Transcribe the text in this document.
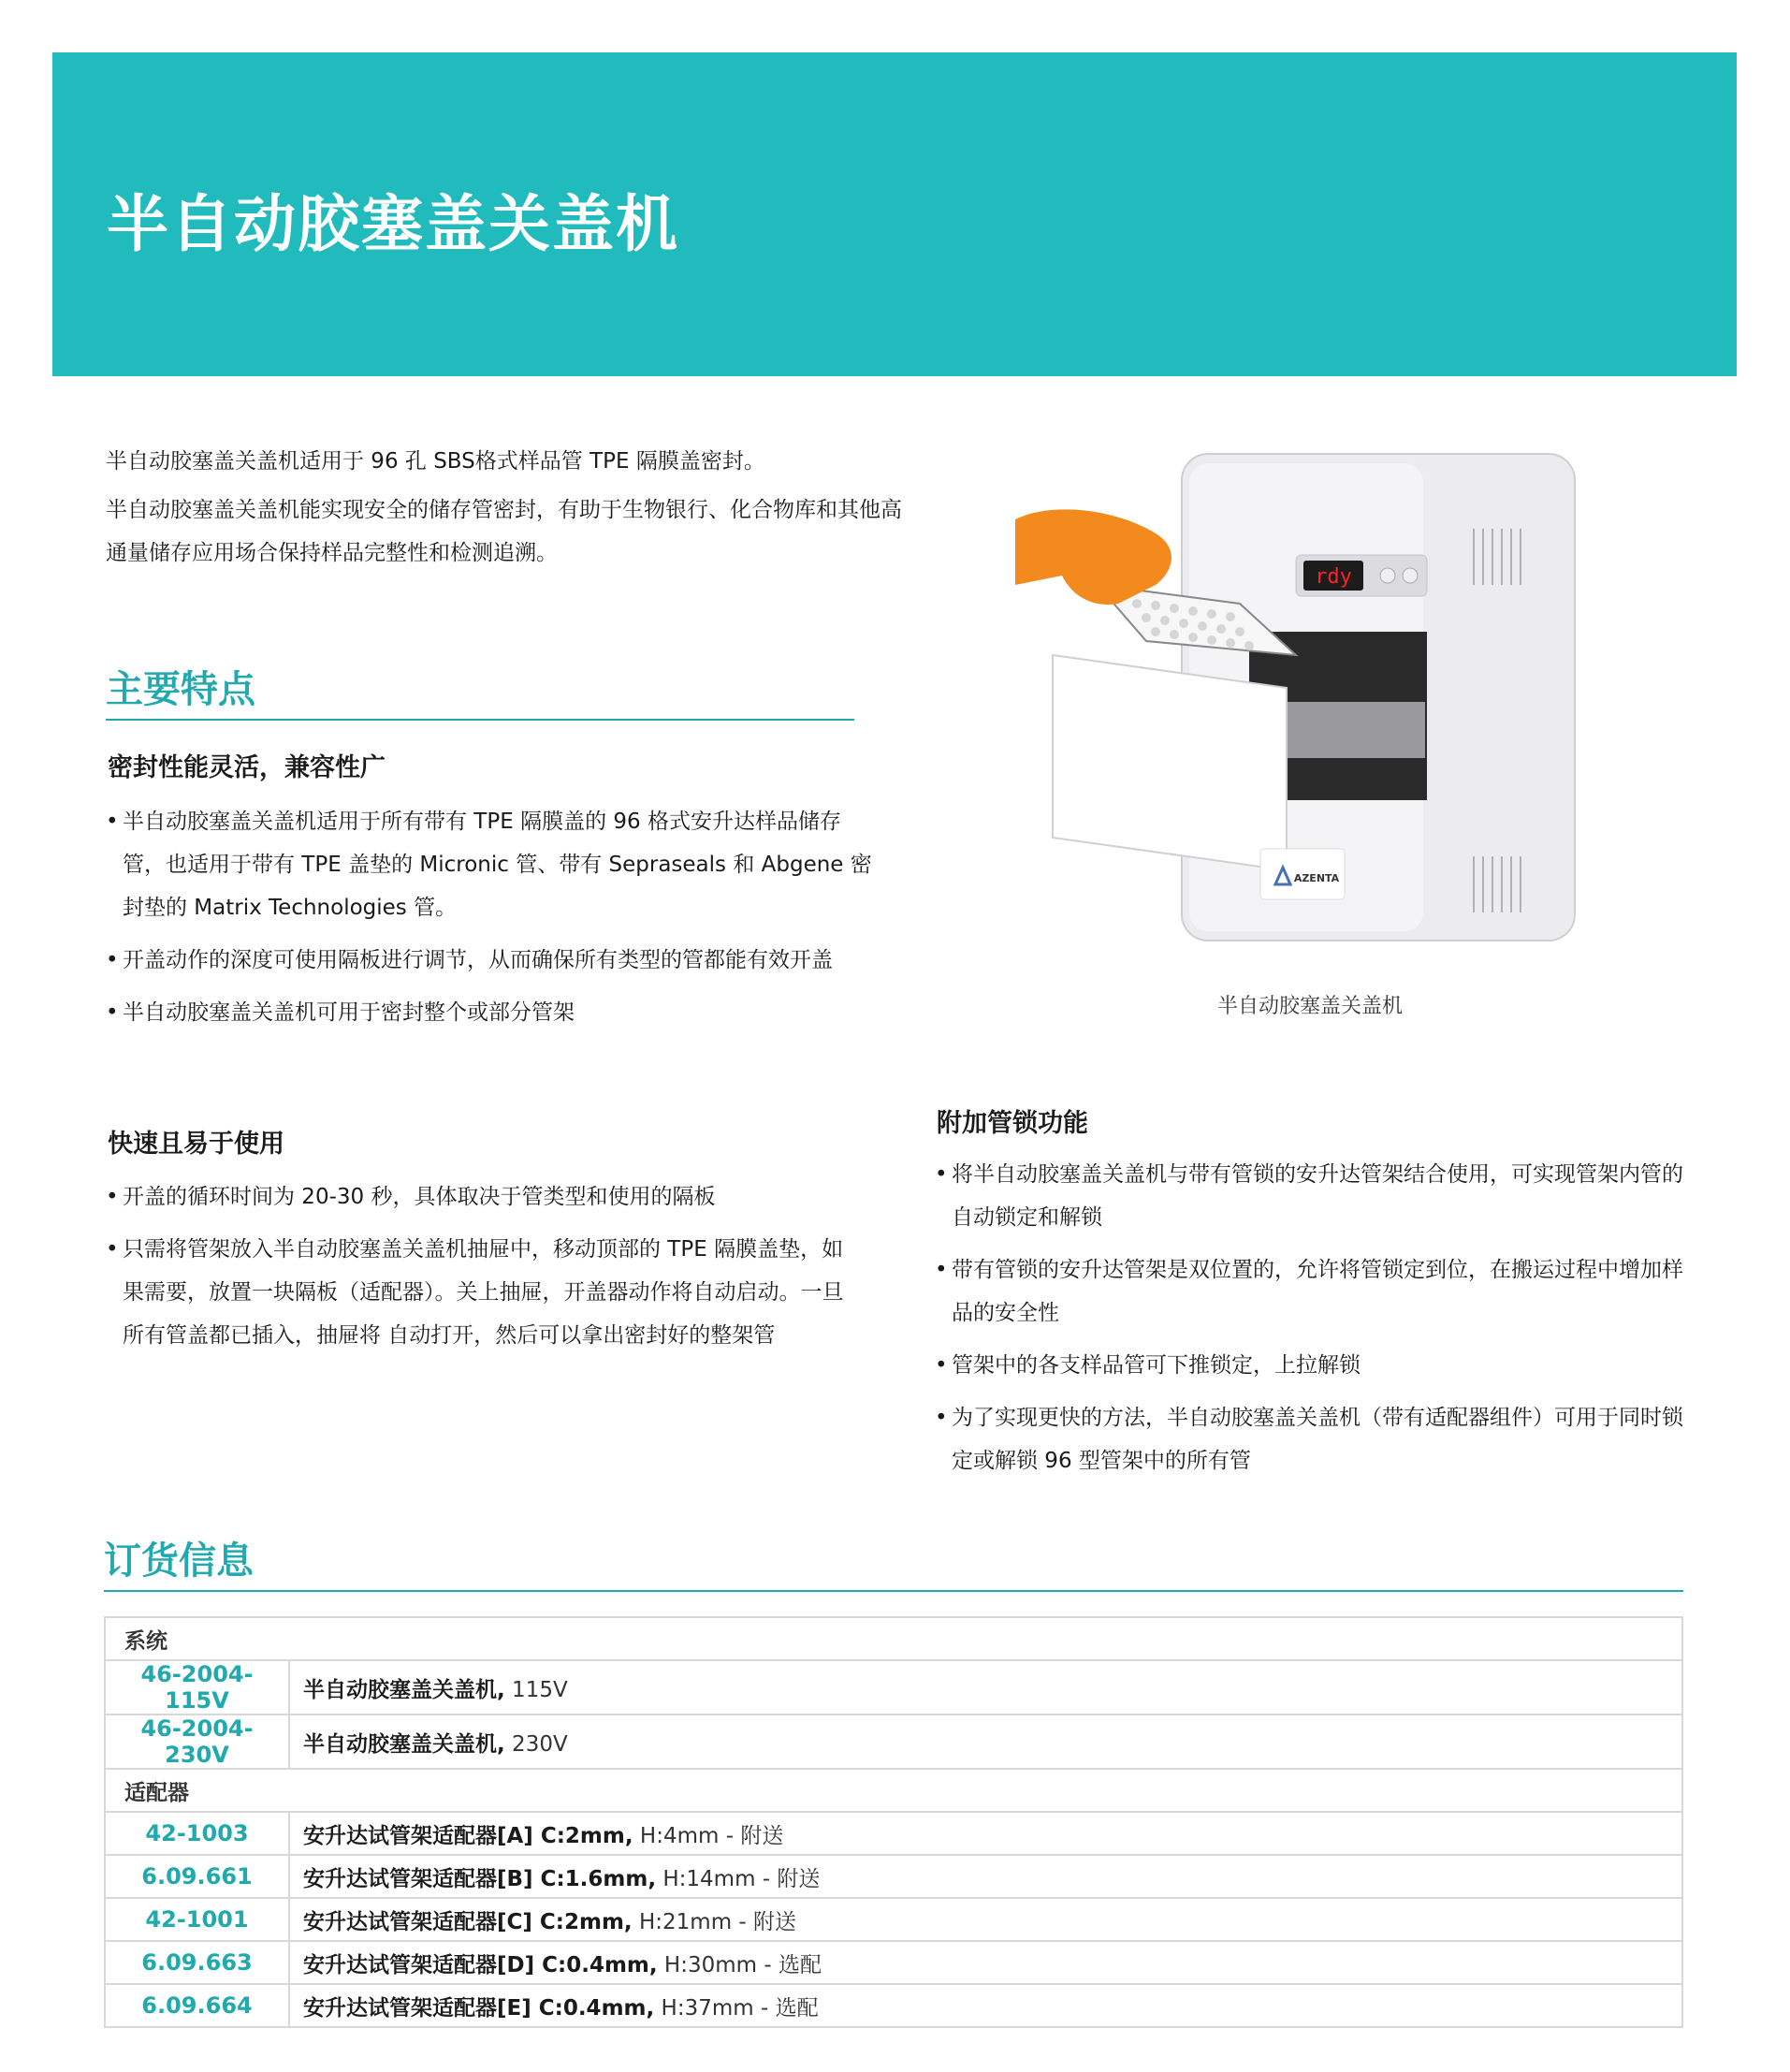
半自动胶塞盖关盖机

半自动胶塞盖关盖机适用于 96 孔 SBS格式样品管 TPE 隔膜盖密封。

半自动胶塞盖关盖机能实现安全的储存管密封，有助于生物银行、化合物库和其他高通量储存应用场合保持样品完整性和检测追溯。

主要特点
密封性能灵活，兼容性广
• 半自动胶塞盖关盖机适用于所有带有 TPE 隔膜盖的 96 格式安升达样品储存管，也适用于带有 TPE 盖垫的 Micronic 管、带有 Sepraseals 和 Abgene 密封垫的 Matrix Technologies 管。
• 开盖动作的深度可使用隔板进行调节，从而确保所有类型的管都能有效开盖
• 半自动胶塞盖关盖机可用于密封整个或部分管架
快速且易于使用
• 开盖的循环时间为 20-30 秒，具体取决于管类型和使用的隔板
• 只需将管架放入半自动胶塞盖关盖机抽屉中，移动顶部的 TPE 隔膜盖垫，如果需要，放置一块隔板（适配器）。关上抽屉，开盖器动作将自动启动。一旦所有管盖都已插入，抽屉将 自动打开，然后可以拿出密封好的整架管
rdy
AZENTA
半自动胶塞盖关盖机
附加管锁功能
• 将半自动胶塞盖关盖机与带有管锁的安升达管架结合使用，可实现管架内管的自动锁定和解锁
• 带有管锁的安升达管架是双位置的，允许将管锁定到位，在搬运过程中增加样品的安全性
• 管架中的各支样品管可下推锁定，上拉解锁
• 为了实现更快的方法，半自动胶塞盖关盖机（带有适配器组件）可用于同时锁定或解锁 96 型管架中的所有管
订货信息
系统	
46-2004-115V	半自动胶塞盖关盖机, 115V
46-2004-230V	半自动胶塞盖关盖机, 230V
适配器	
42-1003	安升达试管架适配器[A] C:2mm, H:4mm - 附送
6.09.661	安升达试管架适配器[B] C:1.6mm, H:14mm - 附送
42-1001	安升达试管架适配器[C] C:2mm, H:21mm - 附送
6.09.663	安升达试管架适配器[D] C:0.4mm, H:30mm - 选配
6.09.664	安升达试管架适配器[E] C:0.4mm, H:37mm - 选配
